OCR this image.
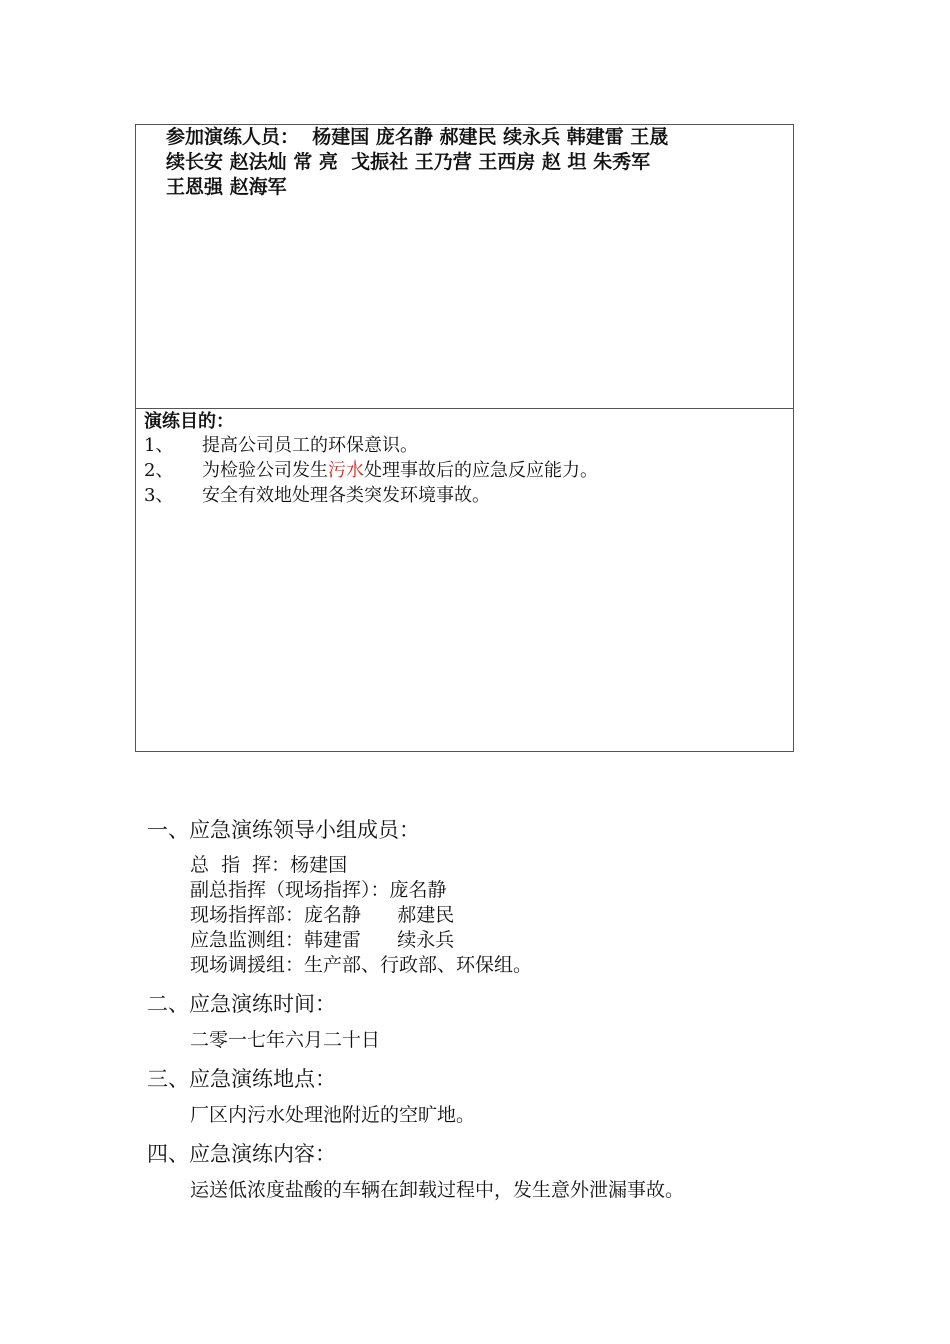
参加演练人员：  杨建国 庞名静 郝建民 续永兵 韩建雷 王晟
续长安 赵法灿 常 亮  戈振社 王乃营 王西房 赵 坦 朱秀军
王恩强 赵海军
演练目的：
1、 提高公司员工的环保意识。
2、 为检验公司发生污水处理事故后的应急反应能力。
3、 安全有效地处理各类突发环境事故。
一、应急演练领导小组成员：
总  指  挥：杨建国
副总指挥（现场指挥）：庞名静
现场指挥部：庞名静      郝建民
应急监测组：韩建雷      续永兵
现场调援组：生产部、行政部、环保组。
二、应急演练时间：
二零一七年六月二十日
三、应急演练地点：
厂区内污水处理池附近的空旷地。
四、应急演练内容：
运送低浓度盐酸的车辆在卸载过程中，发生意外泄漏事故。
